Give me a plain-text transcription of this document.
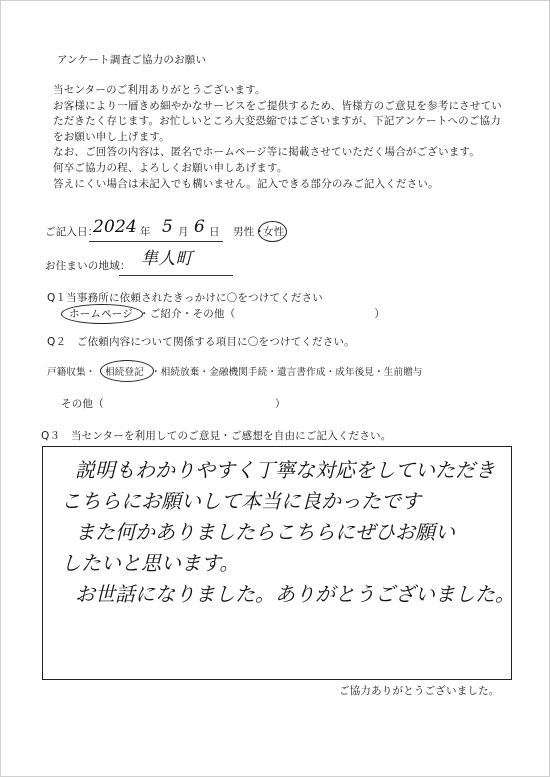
アンケート調査ご協力のお願い
当センターのご利用ありがとうございます。
お客様により一層きめ細やかなサービスをご提供するため、皆様方のご意見を参考にさせてい
ただきたく存じます。お忙しいところ大変恐縮ではございますが、下記アンケートへのご協力
をお願い申し上げます。
なお、ご回答の内容は、匿名でホームページ等に掲載させていただく場合がございます。
何卒ご協力の程、よろしくお願い申しあげます。
答えにくい場合は未記入でも構いません。記入できる部分のみご記入ください。
ご記入日：
2024 年 5 月 6 日 男性・
女性
お住まいの地域： 隼人町
Q１当事務所に依頼されたきっかけに〇をつけてください
ホームページ ・ご紹介・その他（　　　　　　　　　　　　　）
Q２　ご依頼内容について関係する項目に〇をつけてください。
戸籍収集・ 相続登記 ・相続放棄・金融機関手続・遺言書作成・成年後見・生前贈与
その他（　　　　　　　　　　　　　　　　）
Q３　当センターを利用してのご意見・ご感想を自由にご記入ください。
説明もわかりやすく丁寧な対応をしていただき
こちらにお願いして本当に良かったです
また何かありましたらこちらにぜひお願い
したいと思います。
お世話になりました。ありがとうございました。
ご協力ありがとうございました。
